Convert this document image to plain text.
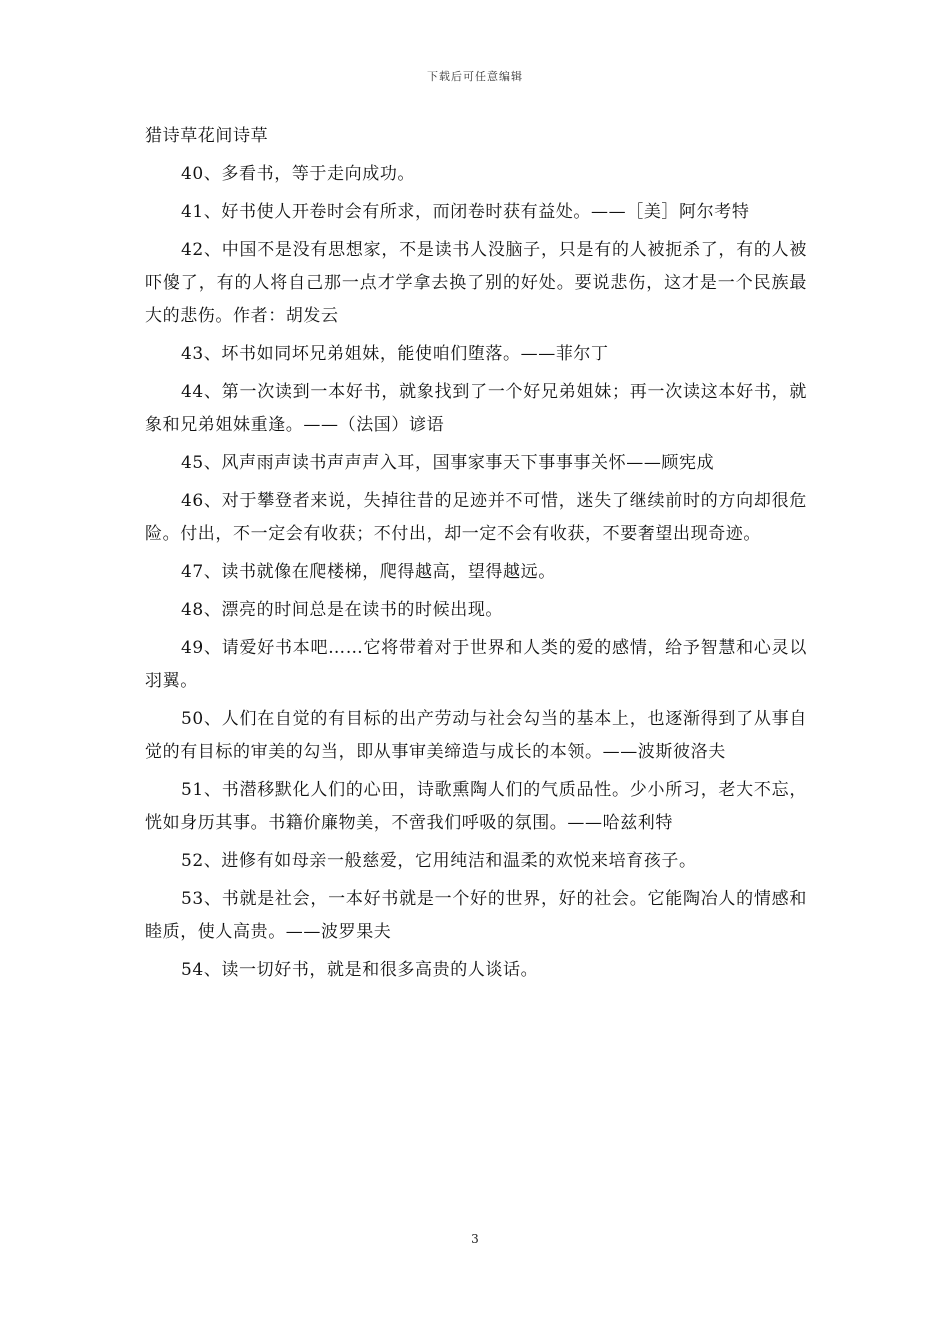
下载后可任意编辑

猎诗草花间诗草

40、多看书，等于走向成功。

41、好书使人开卷时会有所求，而闭卷时获有益处。——［美］阿尔考特

42、中国不是没有思想家，不是读书人没脑子，只是有的人被扼杀了，有的人被吓傻了，有的人将自己那一点才学拿去换了别的好处。要说悲伤，这才是一个民族最大的悲伤。作者：胡发云

43、坏书如同坏兄弟姐妹，能使咱们堕落。——菲尔丁

44、第一次读到一本好书，就象找到了一个好兄弟姐妹；再一次读这本好书，就象和兄弟姐妹重逢。——（法国）谚语

45、风声雨声读书声声声入耳，国事家事天下事事事关怀——顾宪成

46、对于攀登者来说，失掉往昔的足迹并不可惜，迷失了继续前时的方向却很危险。付出，不一定会有收获；不付出，却一定不会有收获，不要奢望出现奇迹。

47、读书就像在爬楼梯，爬得越高，望得越远。

48、漂亮的时间总是在读书的时候出现。

49、请爱好书本吧……它将带着对于世界和人类的爱的感情，给予智慧和心灵以羽翼。

50、人们在自觉的有目标的出产劳动与社会勾当的基本上，也逐渐得到了从事自觉的有目标的审美的勾当，即从事审美缔造与成长的本领。——波斯彼洛夫

51、书潜移默化人们的心田，诗歌熏陶人们的气质品性。少小所习，老大不忘，恍如身历其事。书籍价廉物美，不啻我们呼吸的氛围。——哈兹利特

52、进修有如母亲一般慈爱，它用纯洁和温柔的欢悦来培育孩子。

53、书就是社会，一本好书就是一个好的世界，好的社会。它能陶冶人的情感和睦质，使人高贵。——波罗果夫

54、读一切好书，就是和很多高贵的人谈话。

3
